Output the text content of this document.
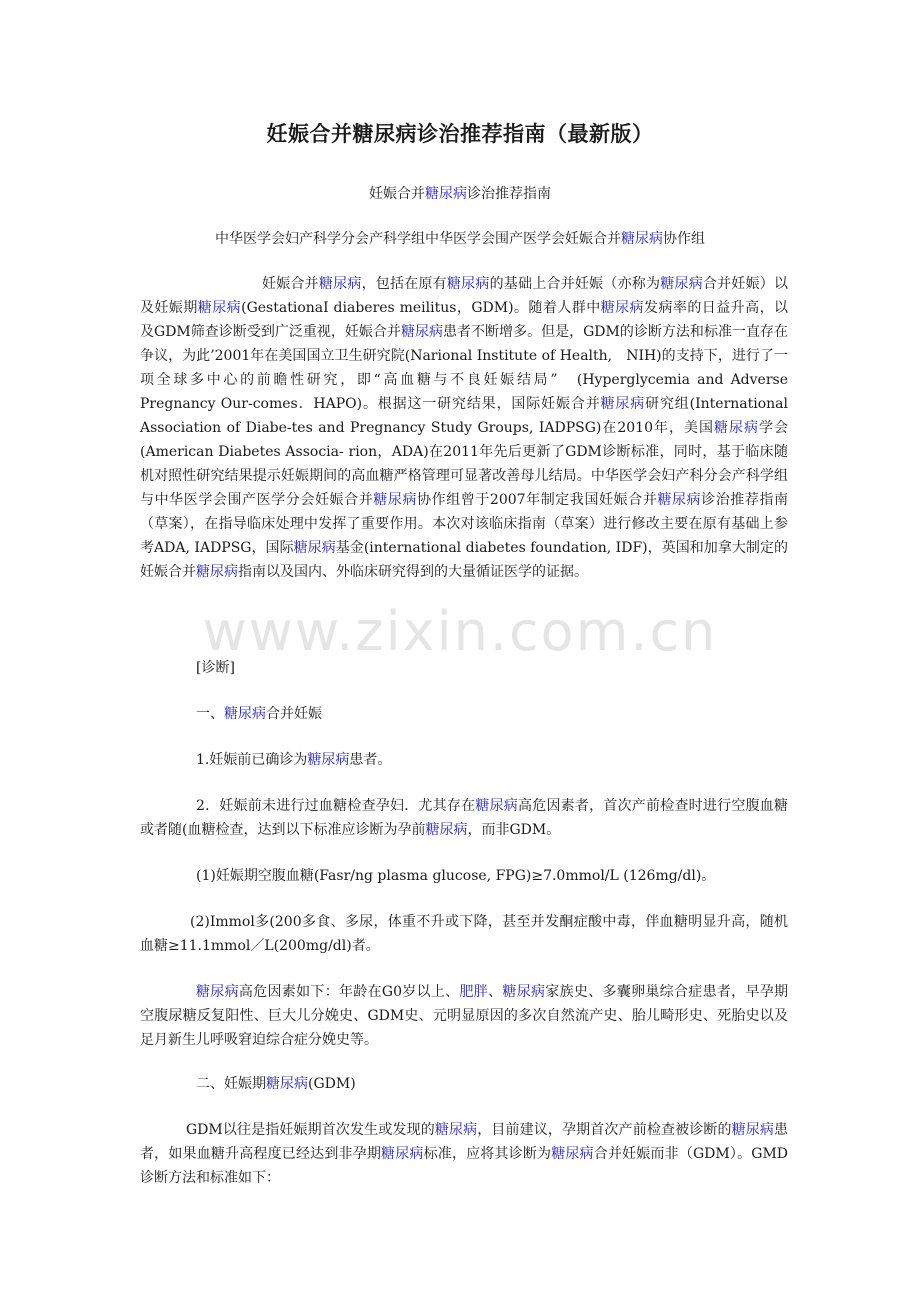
妊娠合并糖尿病诊治推荐指南（最新版）

妊娠合并糖尿病诊治推荐指南

中华医学会妇产科学分会产科学组中华医学会围产医学会妊娠合并糖尿病协作组

妊娠合并糖尿病，包括在原有糖尿病的基础上合并妊娠（亦称为糖尿病合并妊娠）以及妊娠期糖尿病(GestationaI diaberes meilitus，GDM)。随着人群中糖尿病发病率的日益升高，以及GDM筛查诊断受到广泛重视，妊娠合并糖尿病患者不断增多。但是，GDM的诊断方法和标准一直存在争议，为此’2001年在美国国立卫生研究院(Narional Institute of Health,　NIH)的支持下，进行了一项全球多中心的前瞻性研究，即“高血糖与不良妊娠结局”　(Hyperglycemia and Adverse Pregnancy Our-comes．HAPO)。根据这一研究结果，国际妊娠合并糖尿病研究组(International Association of Diabe-tes and Pregnancy Study Groups, IADPSG)在2010年，美国糖尿病学会(American Diabetes Associa- rion，ADA)在2011年先后更新了GDM诊断标准，同时，基于临床随机对照性研究结果提示妊娠期间的高血糖严格管理可显著改善母儿结局。中华医学会妇产科分会产科学组与中华医学会围产医学分会妊娠合并糖尿病协作组曾于2007年制定我国妊娠合并糖尿病诊治推荐指南（草案），在指导临床处理中发挥了重要作用。本次对该临床指南（草案）进行修改主要在原有基础上参考ADA, IADPSG，国际糖尿病基金(international diabetes foundation, IDF)，英国和加拿大制定的妊娠合并糖尿病指南以及国内、外临床研究得到的大量循证医学的证据。

[诊断]

一、糖尿病合并妊娠

1.妊娠前已确诊为糖尿病患者。

2．妊娠前未进行过血糖检查孕妇．尤其存在糖尿病高危因素者，首次产前检查时进行空腹血糖或者随(血糖检查，达到以下标准应诊断为孕前糖尿病，而非GDM。

(1)妊娠期空腹血糖(Fasr/ng plasma glucose, FPG)≥7.0mmol/L (126mg/dl)。

(2)Immol多(200多食、多尿，体重不升或下降，甚至并发酮症酸中毒，伴血糖明显升高，随机血糖≥11.1mmol／L(200mg/dl)者。

糖尿病高危因素如下：年龄在G0岁以上、肥胖、糖尿病家族史、多囊卵巢综合症患者，早孕期空腹尿糖反复阳性、巨大儿分娩史、GDM史、元明显原因的多次自然流产史、胎儿畸形史、死胎史以及足月新生儿呼吸窘迫综合症分娩史等。

二、妊娠期糖尿病(GDM)

GDM以往是指妊娠期首次发生或发现的糖尿病，目前建议，孕期首次产前检查被诊断的糖尿病患者，如果血糖升高程度已经达到非孕期糖尿病标准，应将其诊断为糖尿病合并妊娠而非（GDM）。GMD诊断方法和标准如下：

www.zixin.com.cn
